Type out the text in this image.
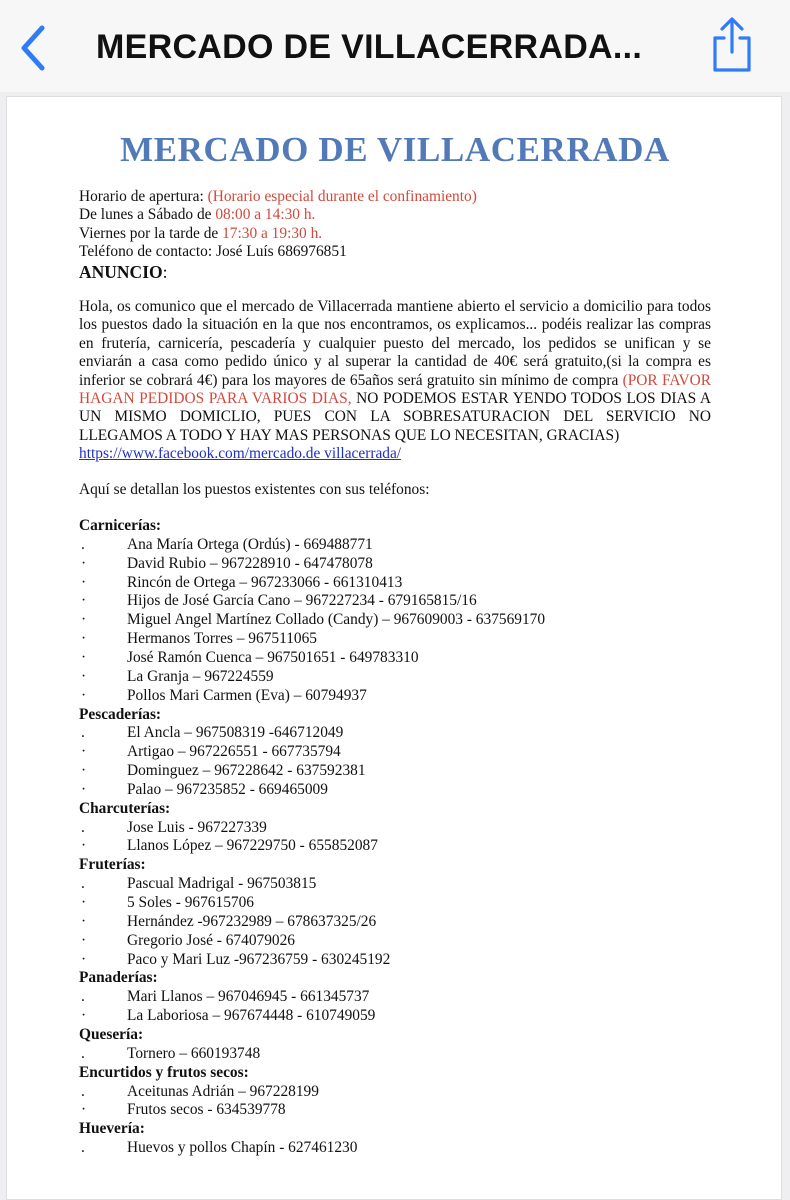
MERCADO DE VILLACERRADA...
MERCADO DE VILLACERRADA
Horario de apertura: (Horario especial durante el confinamiento)
De lunes a Sábado de 08:00 a 14:30 h.
Viernes por la tarde de 17:30 a 19:30 h.
Teléfono de contacto: José Luís 686976851
ANUNCIO:
Hola, os comunico que el mercado de Villacerrada mantiene abierto el servicio a domicilio para todos los puestos dado la situación en la que nos encontramos, os explicamos... podéis realizar las compras en frutería, carnicería, pescadería y cualquier puesto del mercado, los pedidos se unifican y se enviarán a casa como pedido único y al superar la cantidad de 40€ será gratuito,(si la compra es inferior se cobrará 4€) para los mayores de 65años será gratuito sin mínimo de compra (POR FAVOR HAGAN PEDIDOS PARA VARIOS DIAS, NO PODEMOS ESTAR YENDO TODOS LOS DIAS A UN MISMO DOMICLIO, PUES CON LA SOBRESATURACION DEL SERVICIO NO LLEGAMOS A TODO Y HAY MAS PERSONAS QUE LO NECESITAN, GRACIAS)
https://www.facebook.com/mercado.de villacerrada/
Aquí se detallan los puestos existentes con sus teléfonos:
Carnicerías:
.	Ana María Ortega (Ordús) - 669488771
·	David Rubio – 967228910 - 647478078
·	Rincón de Ortega – 967233066 - 661310413
·	Hijos de José García Cano – 967227234 - 679165815/16
·	Miguel Angel Martínez Collado (Candy) – 967609003 - 637569170
·	Hermanos Torres – 967511065
·	José Ramón Cuenca – 967501651 - 649783310
·	La Granja – 967224559
·	Pollos Mari Carmen (Eva) – 60794937
Pescaderías:
.	El Ancla – 967508319 -646712049
·	Artigao – 967226551 - 667735794
·	Dominguez – 967228642 - 637592381
·	Palao – 967235852 - 669465009
Charcuterías:
.	Jose Luis - 967227339
·	Llanos López – 967229750 - 655852087
Fruterías:
.	Pascual Madrigal - 967503815
·	5 Soles - 967615706
·	Hernández -967232989 – 678637325/26
·	Gregorio José - 674079026
·	Paco y Mari Luz -967236759 - 630245192
Panaderías:
.	Mari Llanos – 967046945 - 661345737
·	La Laboriosa – 967674448 - 610749059
Quesería:
.	Tornero – 660193748
Encurtidos y frutos secos:
.	Aceitunas Adrián – 967228199
·	Frutos secos - 634539778
Huevería:
.	Huevos y pollos Chapín - 627461230
